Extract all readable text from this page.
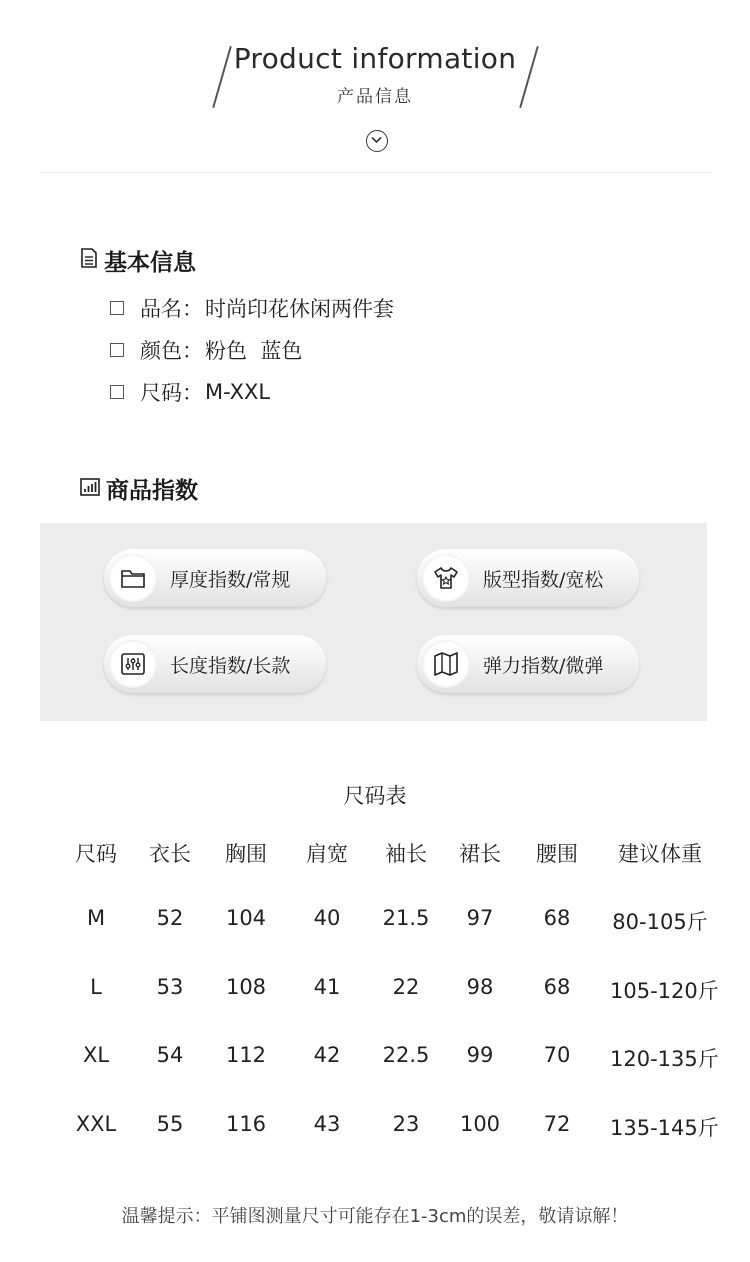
Product information
产品信息
基本信息
品名： 时尚印花休闲两件套
颜色： 粉色  蓝色
尺码： M-XXL
商品指数
厚度指数/常规	版型指数/宽松
长度指数/长款	弹力指数/微弹
尺码表
尺码	衣长	胸围	肩宽	袖长	裙长	腰围	建议体重
M	52	104	40	21.5	97	68	80-105斤
L	53	108	41	22	98	68	105-120斤
XL	54	112	42	22.5	99	70	120-135斤
XXL	55	116	43	23	100	72	135-145斤
温馨提示：平铺图测量尺寸可能存在1-3cm的误差，敬请谅解！
